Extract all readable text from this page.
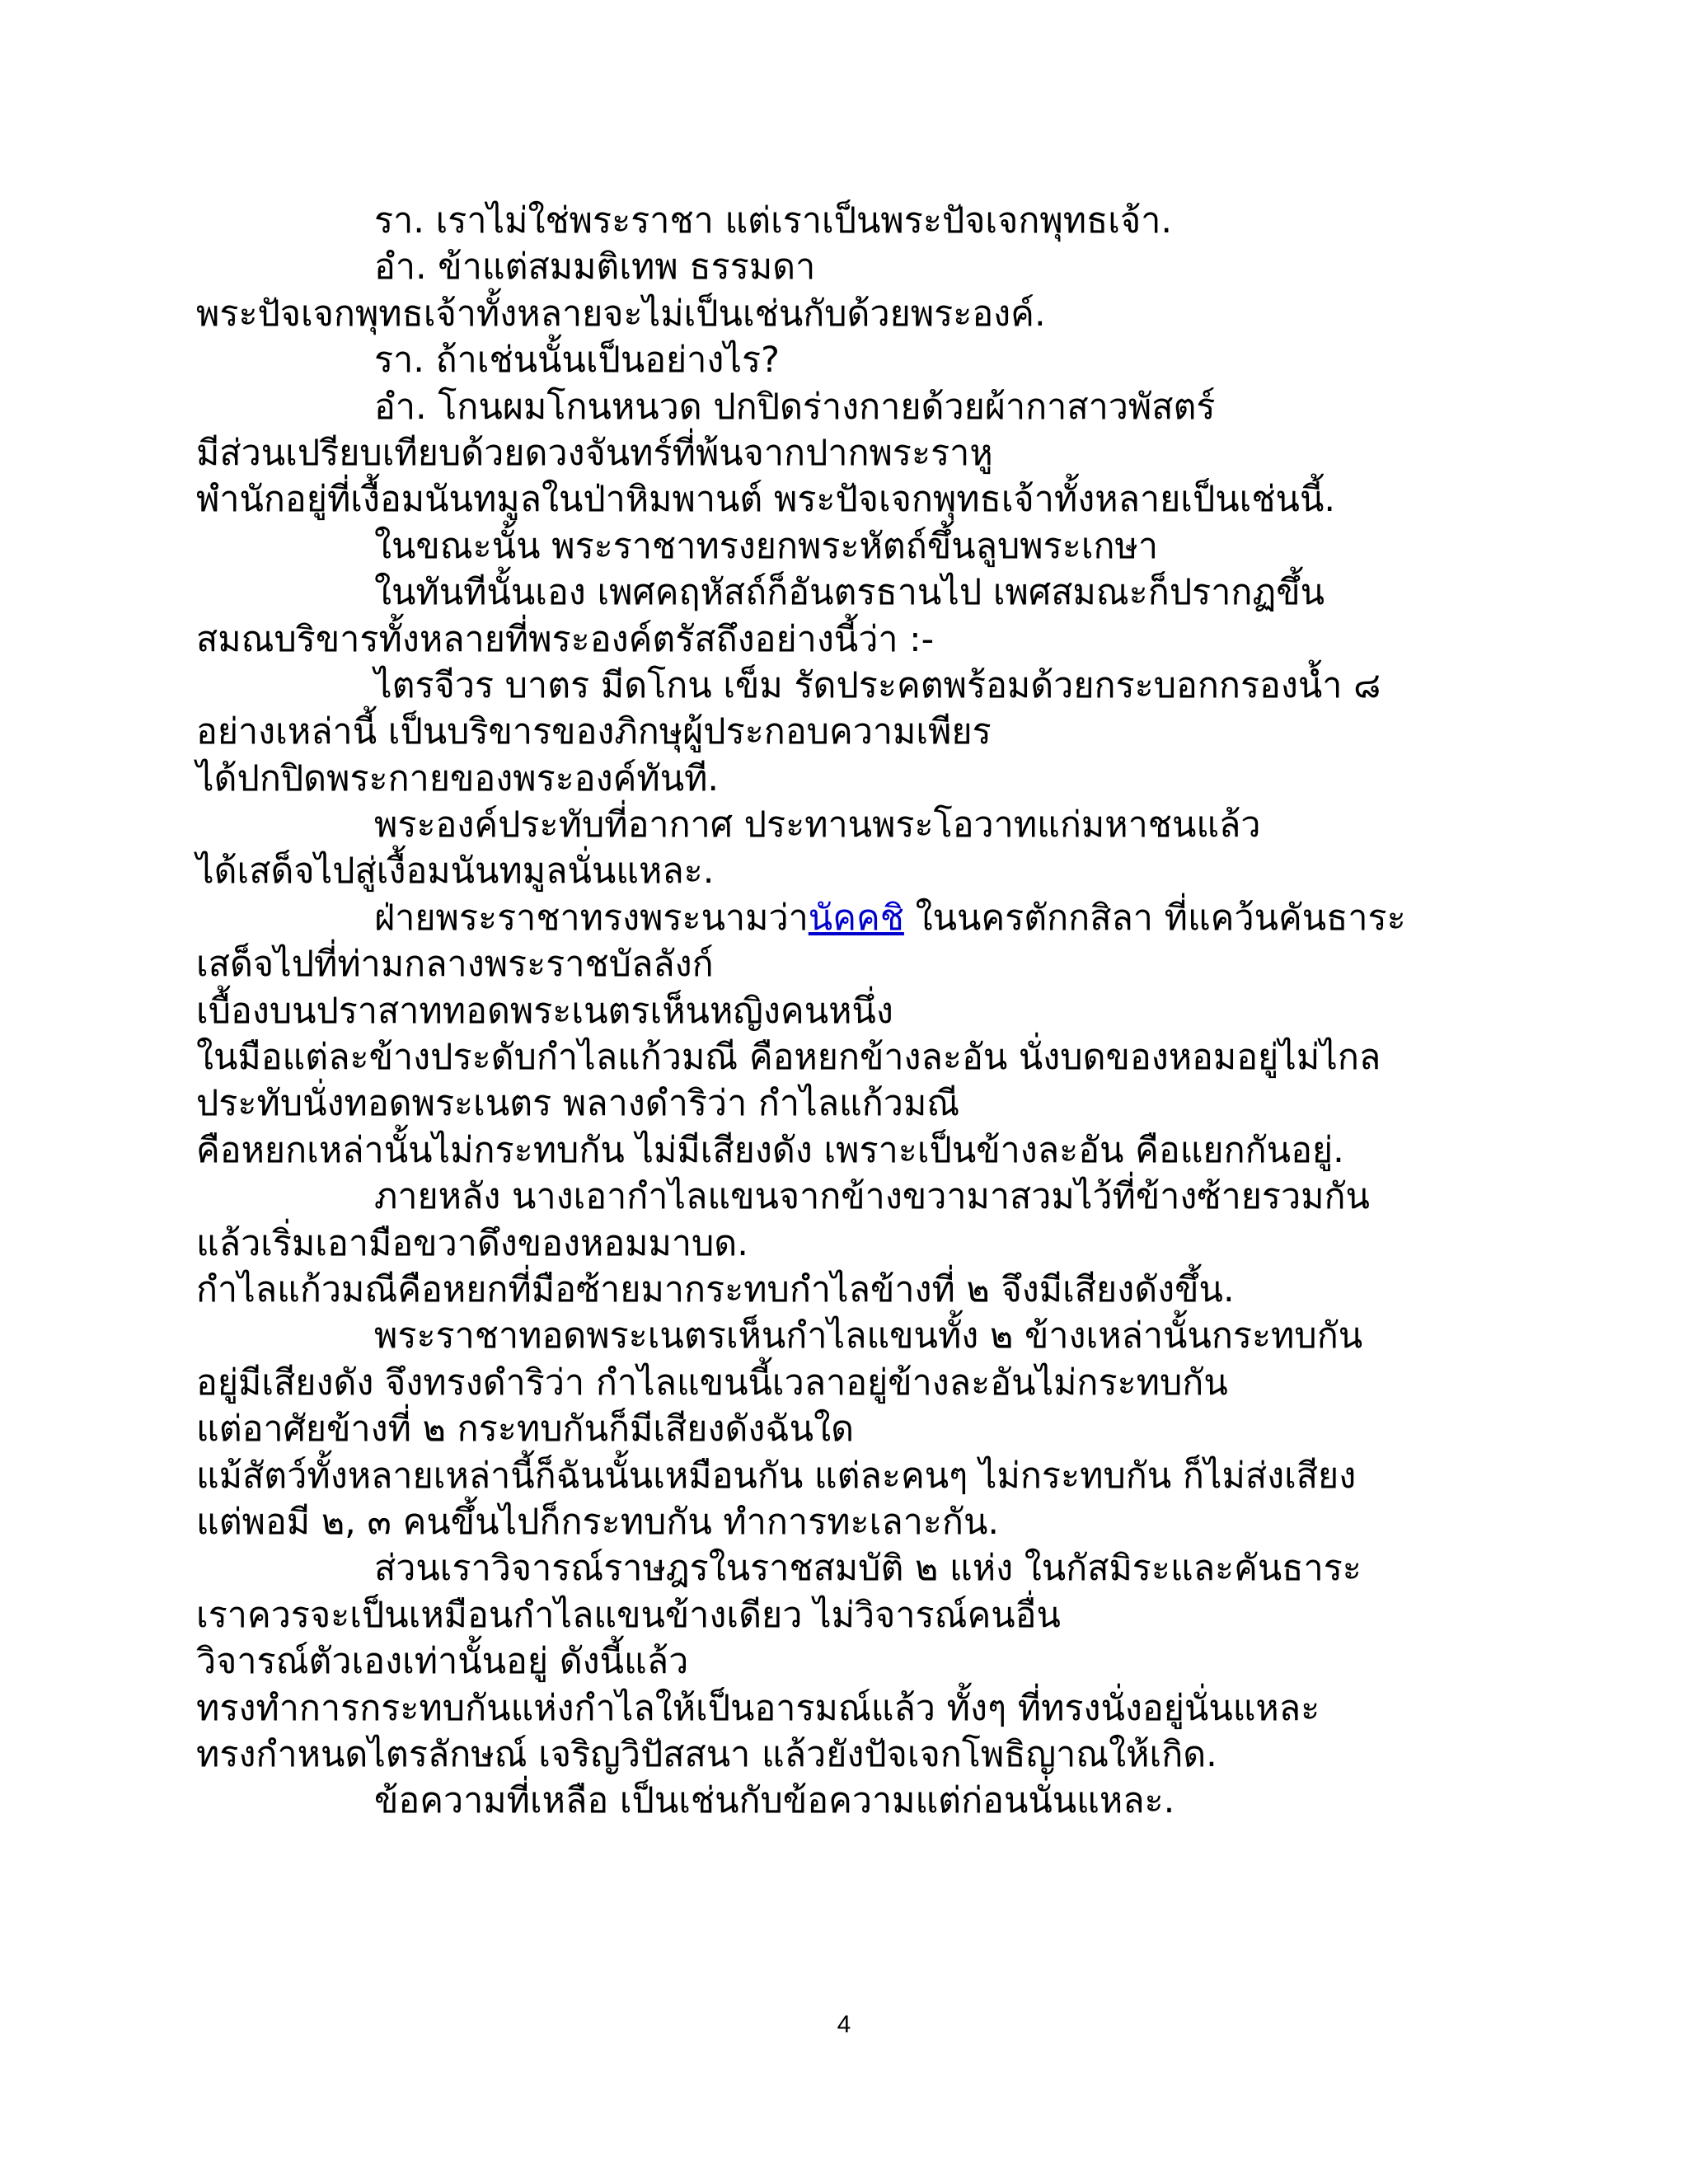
รา. เราไม่ใช่พระราชา แต่เราเป็นพระปัจเจกพุทธเจ้า.

อำ. ข้าแต่สมมติเทพ ธรรมดา

พระปัจเจกพุทธเจ้าทั้งหลายจะไม่เป็นเช่นกับด้วยพระองค์.

รา. ถ้าเช่นนั้นเป็นอย่างไร?

อำ. โกนผมโกนหนวด ปกปิดร่างกายด้วยผ้ากาสาวพัสตร์

มีส่วนเปรียบเทียบด้วยดวงจันทร์ที่พ้นจากปากพระราหู

พำนักอยู่ที่เงื้อมนันทมูลในป่าหิมพานต์ พระปัจเจกพุทธเจ้าทั้งหลายเป็นเช่นนี้.

ในขณะนั้น พระราชาทรงยกพระหัตถ์ขึ้นลูบพระเกษา

ในทันทีนั้นเอง เพศคฤหัสถ์ก็อันตรธานไป เพศสมณะก็ปรากฏขึ้น

สมณบริขารทั้งหลายที่พระองค์ตรัสถึงอย่างนี้ว่า :-

ไตรจีวร บาตร มีดโกน เข็ม รัดประคตพร้อมด้วยกระบอกกรองน้ำ ๘

อย่างเหล่านี้ เป็นบริขารของภิกษุผู้ประกอบความเพียร

ได้ปกปิดพระกายของพระองค์ทันที.

พระองค์ประทับที่อากาศ ประทานพระโอวาทแก่มหาชนแล้ว

ได้เสด็จไปสู่เงื้อมนันทมูลนั่นแหละ.

ฝ่ายพระราชาทรงพระนามว่านัคคชิ ในนครตักกสิลา ที่แคว้นคันธาระ

เสด็จไปที่ท่ามกลางพระราชบัลลังก์

เบื้องบนปราสาททอดพระเนตรเห็นหญิงคนหนึ่ง

ในมือแต่ละข้างประดับกำไลแก้วมณี คือหยกข้างละอัน นั่งบดของหอมอยู่ไม่ไกล

ประทับนั่งทอดพระเนตร พลางดำริว่า กำไลแก้วมณี

คือหยกเหล่านั้นไม่กระทบกัน ไม่มีเสียงดัง เพราะเป็นข้างละอัน คือแยกกันอยู่.

ภายหลัง นางเอากำไลแขนจากข้างขวามาสวมไว้ที่ข้างซ้ายรวมกัน

แล้วเริ่มเอามือขวาดึงของหอมมาบด.

กำไลแก้วมณีคือหยกที่มือซ้ายมากระทบกำไลข้างที่ ๒ จึงมีเสียงดังขึ้น.

พระราชาทอดพระเนตรเห็นกำไลแขนทั้ง ๒ ข้างเหล่านั้นกระทบกัน

อยู่มีเสียงดัง จึงทรงดำริว่า กำไลแขนนี้เวลาอยู่ข้างละอันไม่กระทบกัน

แต่อาศัยข้างที่ ๒ กระทบกันก็มีเสียงดังฉันใด

แม้สัตว์ทั้งหลายเหล่านี้ก็ฉันนั้นเหมือนกัน แต่ละคนๆ ไม่กระทบกัน ก็ไม่ส่งเสียง

แต่พอมี ๒, ๓ คนขึ้นไปก็กระทบกัน ทำการทะเลาะกัน.

ส่วนเราวิจารณ์ราษฎรในราชสมบัติ ๒ แห่ง ในกัสมิระและคันธาระ

เราควรจะเป็นเหมือนกำไลแขนข้างเดียว ไม่วิจารณ์คนอื่น

วิจารณ์ตัวเองเท่านั้นอยู่ ดังนี้แล้ว

ทรงทำการกระทบกันแห่งกำไลให้เป็นอารมณ์แล้ว ทั้งๆ ที่ทรงนั่งอยู่นั่นแหละ

ทรงกำหนดไตรลักษณ์ เจริญวิปัสสนา แล้วยังปัจเจกโพธิญาณให้เกิด.

ข้อความที่เหลือ เป็นเช่นกับข้อความแต่ก่อนนั่นแหละ.

4
